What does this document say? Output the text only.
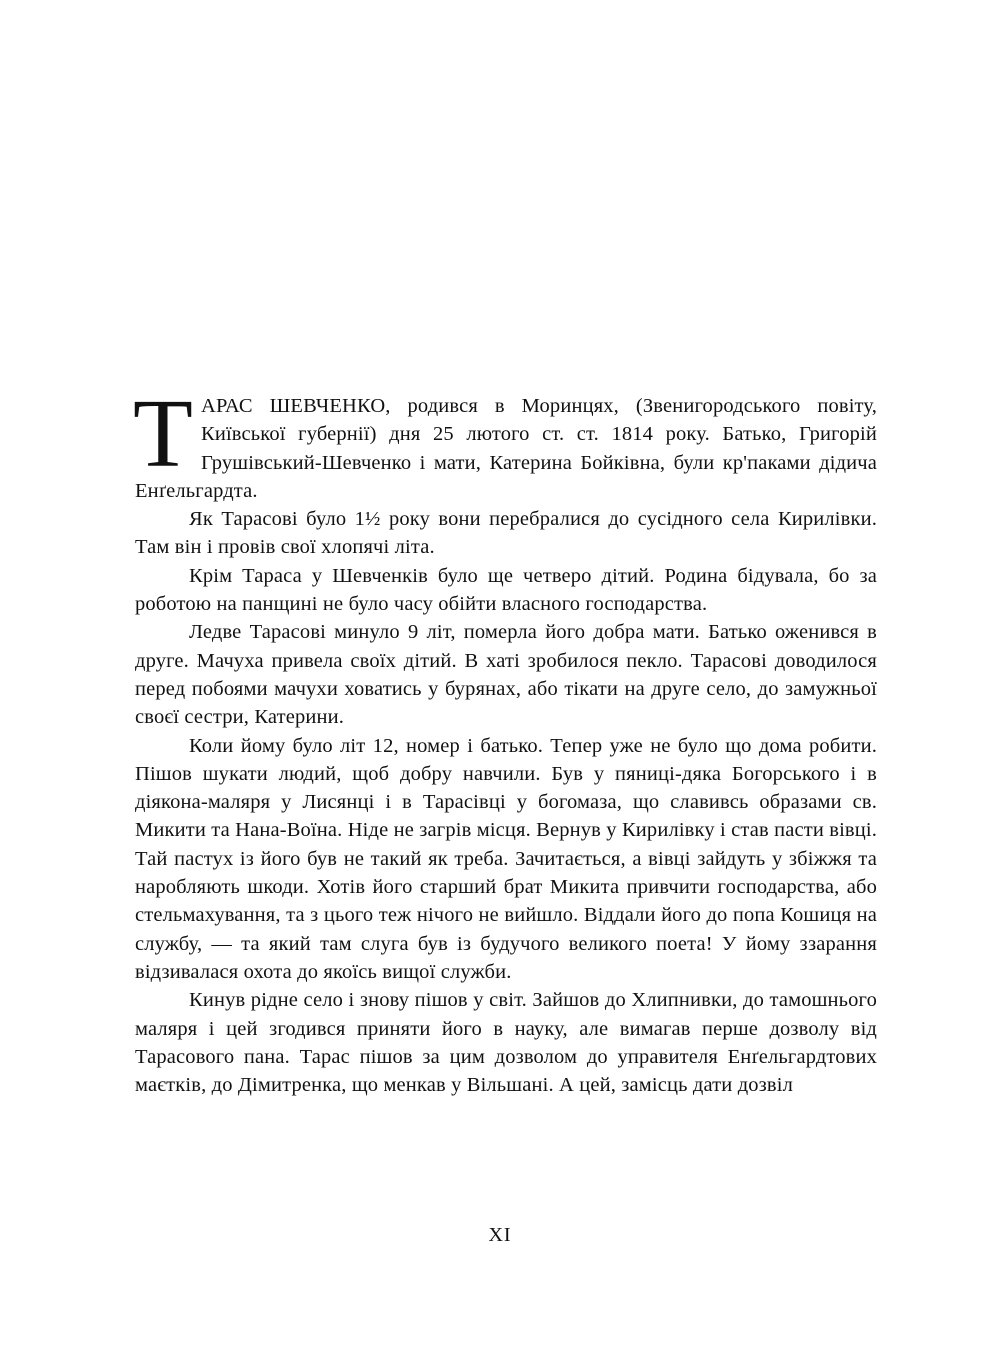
ТАРАС ШЕВЧЕНКО, родився в Моринцях, (Звенигородського повіту, Київської губернії) дня 25 лютого ст. ст. 1814 року. Батько, Григорій Грушівський-Шевченко і мати, Катерина Бойківна, були кр'паками дідича Енґельгардта.

Як Тарасові було 1½ року вони перебралися до сусідного села Кирилівки. Там він і провів свої хлопячі літа.

Крім Тараса у Шевченків було ще четверо дітий. Родина бідувала, бо за роботою на панщині не було часу обійти власного господарства.

Ледве Тарасові минуло 9 літ, померла його добра мати. Батько оженився в друге. Мачуха привела своїх дітий. В хаті зробилося пекло. Тарасові доводилося перед побоями мачухи ховатись у бурянах, або тікати на друге село, до замужньої своєї сестри, Катерини.

Коли йому було літ 12, номер і батько. Тепер уже не було що дома робити. Пішов шукати людий, щоб добру навчили. Був у пяниці-дяка Богорського і в діякона-маляря у Лисянці і в Тарасівці у богомаза, що славивсь образами св. Микити та Нана-Воїна. Ніде не загрів місця. Вернув у Кирилівку і став пасти вівці. Тай пастух із його був не такий як треба. Зачитається, а вівці зайдуть у збіжжя та наробляють шкоди. Хотів його старший брат Микита привчити господарства, або стельмахування, та з цього теж нічого не вийшло. Віддали його до попа Кошиця на службу, — та який там слуга був із будучого великого поета! У йому ззарання відзивалася охота до якоїсь вищої служби.

Кинув рідне село і знову пішов у світ. Зайшов до Хлипнивки, до тамошнього маляря і цей згодився приняти його в науку, але вимагав перше дозволу від Тарасового пана. Тарас пішов за цим дозволом до управителя Енґельгардтових маєтків, до Дімитренка, що менкав у Вільшані. А цей, замісць дати дозвіл

XI
